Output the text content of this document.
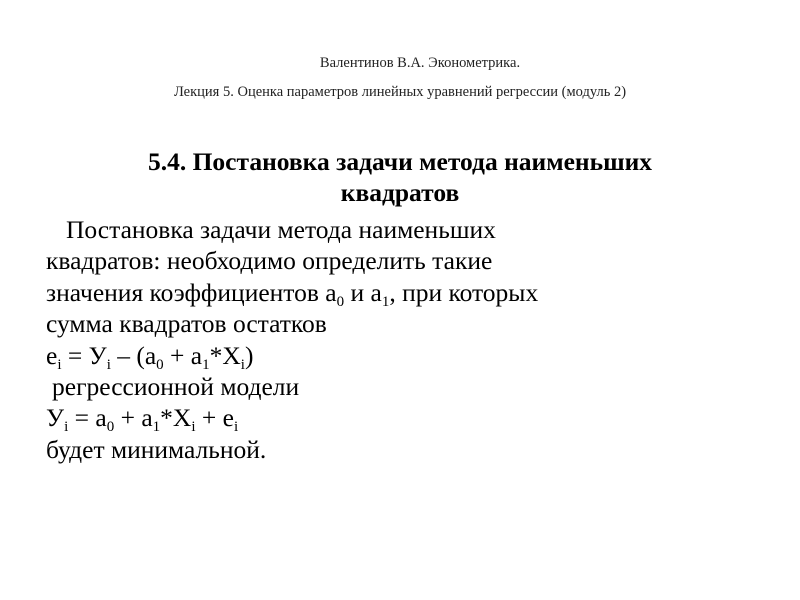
Валентинов В.А. Эконометрика.
Лекция 5. Оценка параметров линейных уравнений регрессии (модуль 2)
5.4. Постановка задачи метода наименьших
квадратов
Постановка задачи метода наименьших
квадратов: необходимо определить такие
значения коэффициентов $а_0$ и $а_1$, при которых
сумма квадратов остатков
$e_i = У_i - (a_0 + a_1*X_i)$
регрессионной модели
$У_i = a_0 + a_1*X_i + e_i$
будет минимальной.
